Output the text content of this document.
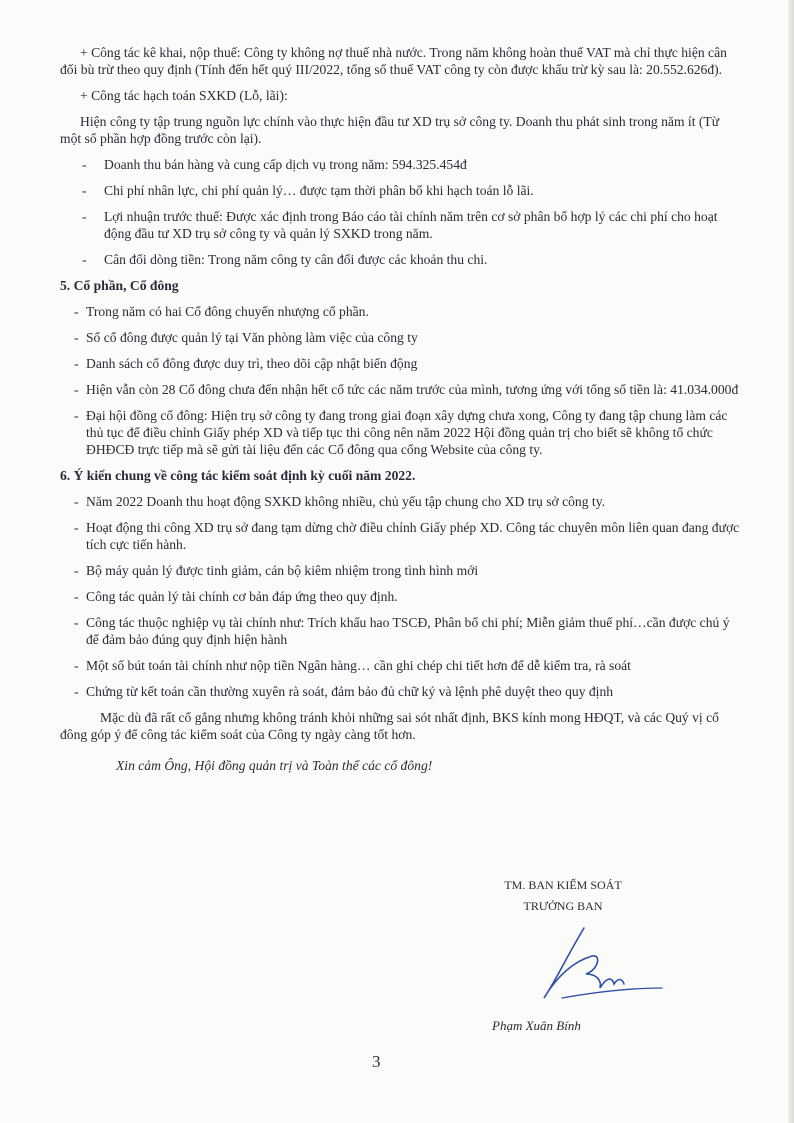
+ Công tác kê khai, nộp thuế: Công ty không nợ thuế nhà nước. Trong năm không hoàn thuế VAT mà chỉ thực hiện cân đối bù trừ theo quy định (Tính đến hết quý III/2022, tổng số thuế VAT công ty còn được khấu trừ kỳ sau là: 20.552.626đ).

+ Công tác hạch toán SXKD (Lỗ, lãi):

Hiện công ty tập trung nguồn lực chính vào thực hiện đầu tư XD trụ sở công ty. Doanh thu phát sinh trong năm ít (Từ một số phần hợp đồng trước còn lại).

- Doanh thu bán hàng và cung cấp dịch vụ trong năm: 594.325.454đ
- Chi phí nhân lực, chi phí quản lý… được tạm thời phân bổ khi hạch toán lỗ lãi.
- Lợi nhuận trước thuế: Được xác định trong Báo cáo tài chính năm trên cơ sở phân bổ hợp lý các chi phí cho hoạt động đầu tư XD trụ sở công ty và quản lý SXKD trong năm.
- Cân đối dòng tiền: Trong năm công ty cân đối được các khoản thu chi.

5. Cổ phần, Cổ đông

- Trong năm có hai Cổ đông chuyển nhượng cổ phần.
- Sổ cổ đông được quản lý tại Văn phòng làm việc của công ty
- Danh sách cổ đông được duy trì, theo dõi cập nhật biến động
- Hiện vẫn còn 28 Cổ đông chưa đến nhận hết cổ tức các năm trước của mình, tương ứng với tổng số tiền là: 41.034.000đ
- Đại hội đồng cổ đông: Hiện trụ sở công ty đang trong giai đoạn xây dựng chưa xong, Công ty đang tập chung làm các thủ tục để điều chỉnh Giấy phép XD và tiếp tục thi công nên năm 2022 Hội đồng quản trị cho biết sẽ không tổ chức ĐHĐCĐ trực tiếp mà sẽ gửi tài liệu đến các Cổ đông qua cổng Website của công ty.

6. Ý kiến chung về công tác kiểm soát định kỳ cuối năm 2022.

- Năm 2022 Doanh thu hoạt động SXKD không nhiều, chủ yếu tập chung cho XD trụ sở công ty.
- Hoạt động thi công XD trụ sở đang tạm dừng chờ điều chỉnh Giấy phép XD. Công tác chuyên môn liên quan đang được tích cực tiến hành.
- Bộ máy quản lý được tinh giảm, cán bộ kiêm nhiệm trong tình hình mới
- Công tác quản lý tài chính cơ bản đáp ứng theo quy định.
- Công tác thuộc nghiệp vụ tài chính như: Trích khấu hao TSCĐ, Phân bổ chi phí; Miễn giảm thuế phí…cần được chú ý để đảm bảo đúng quy định hiện hành
- Một số bút toán tài chính như nộp tiền Ngân hàng… cần ghi chép chi tiết hơn để dễ kiểm tra, rà soát
- Chứng từ kết toán cần thường xuyên rà soát, đảm bảo đủ chữ ký và lệnh phê duyệt theo quy định

Mặc dù đã rất cố gắng nhưng không tránh khỏi những sai sót nhất định, BKS kính mong HĐQT, và các Quý vị cổ đông góp ý để công tác kiểm soát của Công ty ngày càng tốt hơn.

Xin cảm Ông, Hội đồng quản trị và Toàn thể các cổ đông!

TM. BAN KIỂM SOÁT

TRƯỞNG BAN

Phạm Xuân Bính
3
